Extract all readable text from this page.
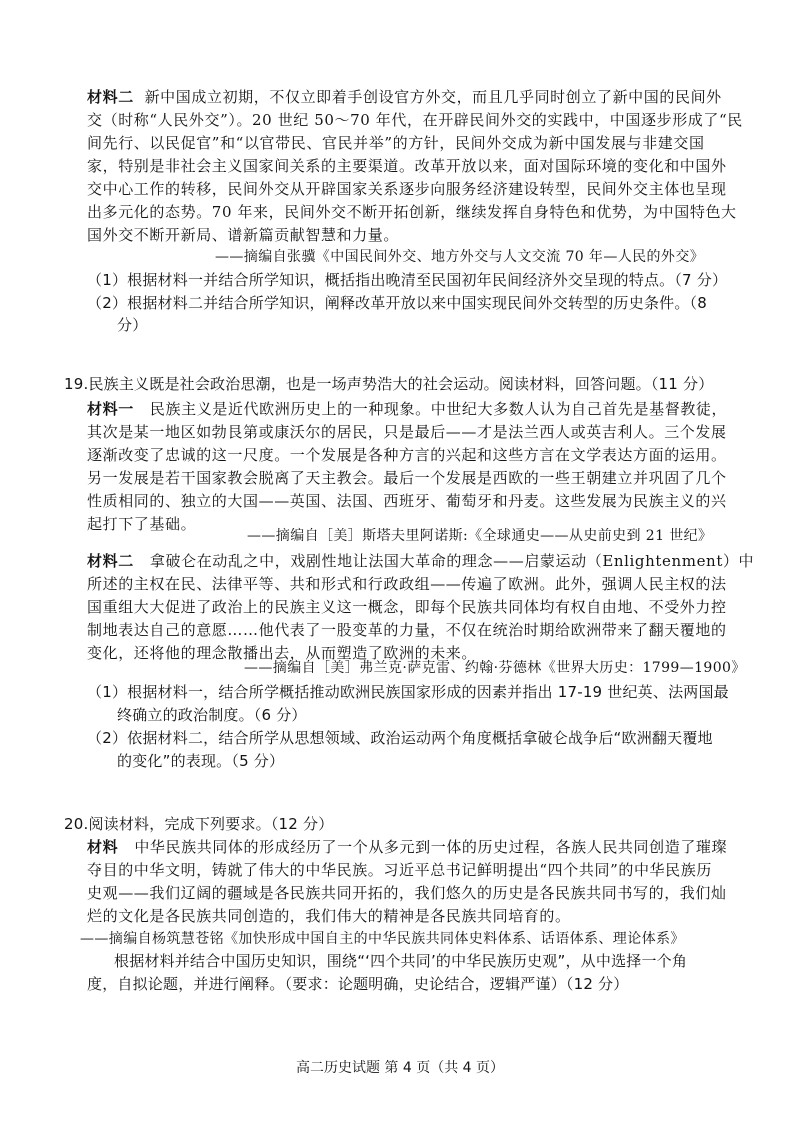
材料二 新中国成立初期，不仅立即着手创设官方外交，而且几乎同时创立了新中国的民间外
交（时称“人民外交”）。20 世纪 50～70 年代，在开辟民间外交的实践中，中国逐步形成了“民
间先行、以民促官”和“以官带民、官民并举”的方针，民间外交成为新中国发展与非建交国
家，特别是非社会主义国家间关系的主要渠道。改革开放以来，面对国际环境的变化和中国外
交中心工作的转移，民间外交从开辟国家关系逐步向服务经济建设转型，民间外交主体也呈现
出多元化的态势。70 年来，民间外交不断开拓创新，继续发挥自身特色和优势，为中国特色大
国外交不断开新局、谱新篇贡献智慧和力量。
——摘编自张骥《中国民间外交、地方外交与人文交流 70 年—人民的外交》
（1）根据材料一并结合所学知识，概括指出晚清至民国初年民间经济外交呈现的特点。（7 分）
（2）根据材料二并结合所学知识，阐释改革开放以来中国实现民间外交转型的历史条件。（8
分）
19.民族主义既是社会政治思潮，也是一场声势浩大的社会运动。阅读材料，回答问题。（11 分）
材料一 民族主义是近代欧洲历史上的一种现象。中世纪大多数人认为自己首先是基督教徒，
其次是某一地区如勃艮第或康沃尔的居民，只是最后——才是法兰西人或英吉利人。三个发展
逐渐改变了忠诚的这一尺度。一个发展是各种方言的兴起和这些方言在文学表达方面的运用。
另一发展是若干国家教会脱离了天主教会。最后一个发展是西欧的一些王朝建立并巩固了几个
性质相同的、独立的大国——英国、法国、西班牙、葡萄牙和丹麦。这些发展为民族主义的兴
起打下了基础。
——摘编自［美］斯塔夫里阿诺斯:《全球通史——从史前史到 21 世纪》
材料二 拿破仑在动乱之中，戏剧性地让法国大革命的理念——启蒙运动（Enlightenment）中
所述的主权在民、法律平等、共和形式和行政政组——传遍了欧洲。此外，强调人民主权的法
国重组大大促进了政治上的民族主义这一概念，即每个民族共同体均有权自由地、不受外力控
制地表达自己的意愿……他代表了一股变革的力量，不仅在统治时期给欧洲带来了翻天覆地的
变化，还将他的理念散播出去，从而塑造了欧洲的未来。
——摘编自［美］弗兰克·萨克雷、约翰·芬德林《世界大历史：1799—1900》
（1）根据材料一，结合所学概括推动欧洲民族国家形成的因素并指出 17-19 世纪英、法两国最
终确立的政治制度。（6 分）
（2）依据材料二，结合所学从思想领域、政治运动两个角度概括拿破仑战争后“欧洲翻天覆地
的变化”的表现。（5 分）
20.阅读材料，完成下列要求。（12 分）
材料 中华民族共同体的形成经历了一个从多元到一体的历史过程，各族人民共同创造了璀璨
夺目的中华文明，铸就了伟大的中华民族。习近平总书记鲜明提出“四个共同”的中华民族历
史观——我们辽阔的疆域是各民族共同开拓的，我们悠久的历史是各民族共同书写的，我们灿
烂的文化是各民族共同创造的，我们伟大的精神是各民族共同培育的。
——摘编自杨筑慧苍铭《加快形成中国自主的中华民族共同体史料体系、话语体系、理论体系》
根据材料并结合中国历史知识，围绕“‘四个共同’的中华民族历史观”，从中选择一个角
度，自拟论题，并进行阐释。（要求：论题明确，史论结合，逻辑严谨）（12 分）
高二历史试题 第 4 页（共 4 页）
